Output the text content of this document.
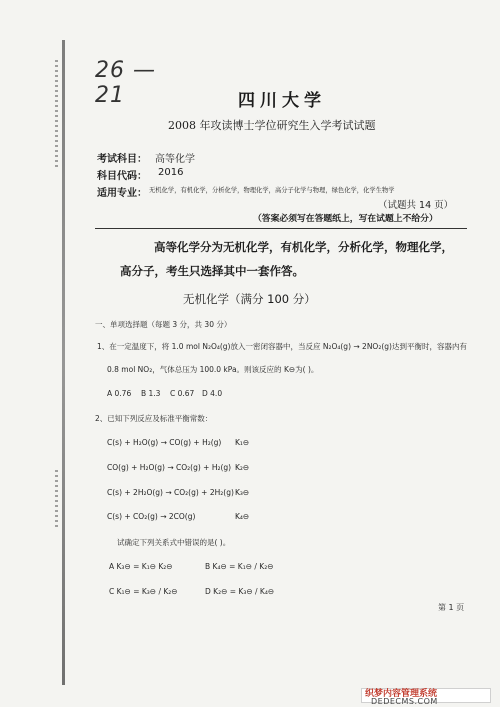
26 — 21	四川大学
2008 年攻读博士学位研究生入学考试试题
考试科目： 高等化学
科目代码： 2016
适用专业： 无机化学，有机化学，分析化学，物理化学，高分子化学与物理，绿色化学，化学生物学
（试题共 14 页）
（答案必须写在答题纸上，写在试题上不给分）
高等化学分为无机化学，有机化学，分析化学，物理化学，
高分子，考生只选择其中一套作答。
无机化学（满分 100 分）
一、单项选择题（每题 3 分，共 30 分）
1、在一定温度下，将 1.0 mol N₂O₄(g)放入一密闭容器中，当反应 N₂O₄(g) → 2NO₂(g)达到平衡时，容器内有
0.8 mol NO₂，气体总压为 100.0 kPa。则该反应的 K⊖为( )。
A 0.76 B 1.3 C 0.67 D 4.0
2、已知下列反应及标准平衡常数：
C(s) + H₂O(g) → CO(g) + H₂(g) K₁⊖
CO(g) + H₂O(g) → CO₂(g) + H₂(g) K₂⊖
C(s) + 2H₂O(g) → CO₂(g) + 2H₂(g) K₃⊖
C(s) + CO₂(g) → 2CO(g)	K₄⊖
试确定下列关系式中错误的是( )。
A K₃⊖ = K₁⊖ K₂⊖	B K₄⊖ = K₁⊖ / K₂⊖
C K₁⊖ = K₃⊖ / K₂⊖	D K₂⊖ = K₃⊖ / K₄⊖
第 1 页
织梦内容管理系统
DEDECMS.COM
